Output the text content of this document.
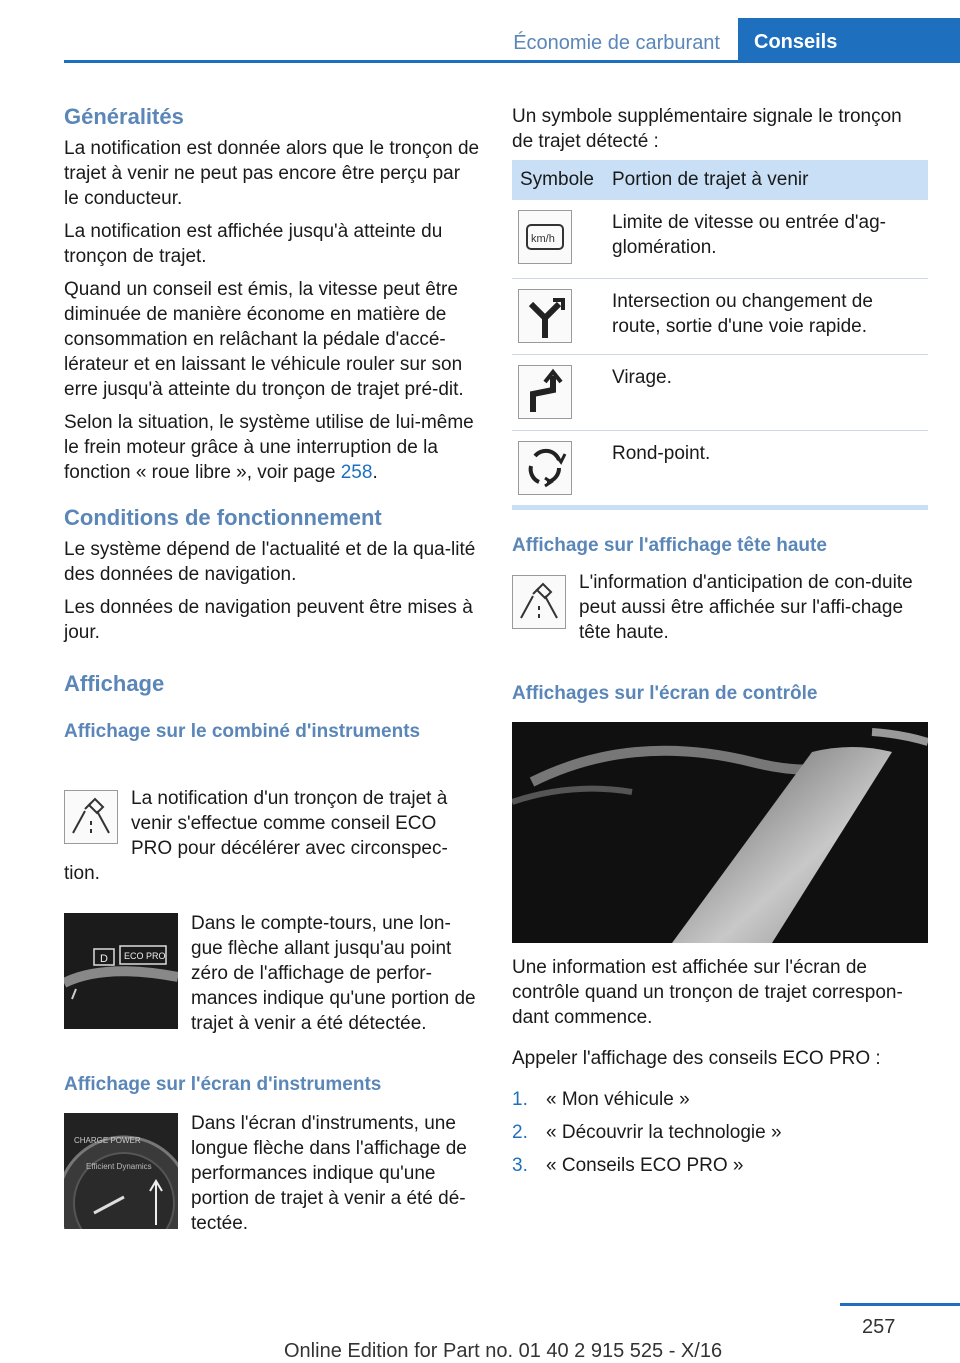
Économie de carburant	Conseils

Généralités

La notification est donnée alors que le tronçon de trajet à venir ne peut pas encore être perçu par le conducteur.

La notification est affichée jusqu'à atteinte du tronçon de trajet.

Quand un conseil est émis, la vitesse peut être diminuée de manière économe en matière de consommation en relâchant la pédale d'accé‐lérateur et en laissant le véhicule rouler sur son erre jusqu'à atteinte du tronçon de trajet pré‐dit.

Selon la situation, le système utilise de lui-même le frein moteur grâce à une interruption de la fonction « roue libre », voir page 258.

Conditions de fonctionnement

Le système dépend de l'actualité et de la qua‐lité des données de navigation.

Les données de navigation peuvent être mises à jour.

Affichage

Affichage sur le combiné d'instruments

La notification d'un tronçon de trajet à
venir s'effectue comme conseil ECO
PRO pour décélérer avec circonspec‐
tion.
D ECO PRO
Dans le compte-tours, une lon‐gue flèche allant jusqu'au point zéro de l'affichage de perfor‐mances indique qu'une portion de trajet à venir a été détectée.
Affichage sur l'écran d'instruments
CHARGE POWER
Efficient Dynamics
Dans l'écran d'instruments, une longue flèche dans l'affichage de performances indique qu'une portion de trajet à venir a été dé‐tectée.
Un symbole supplémentaire signale le tronçon de trajet détecté :
Symbole	Portion de trajet à venir

km/h	Limite de vitesse ou entrée d'ag‐glomération.

	Intersection ou changement de route, sortie d'une voie rapide.

	Virage.

	Rond-point.
Affichage sur l'affichage tête haute
L'information d'anticipation de con‐duite peut aussi être affichée sur l'affi‐chage tête haute.
Affichages sur l'écran de contrôle
Une information est affichée sur l'écran de contrôle quand un tronçon de trajet correspon‐dant commence.
Appeler l'affichage des conseils ECO PRO :
1. « Mon véhicule »
2. « Découvrir la technologie »
3. « Conseils ECO PRO »
257
Online Edition for Part no. 01 40 2 915 525 - X/16
